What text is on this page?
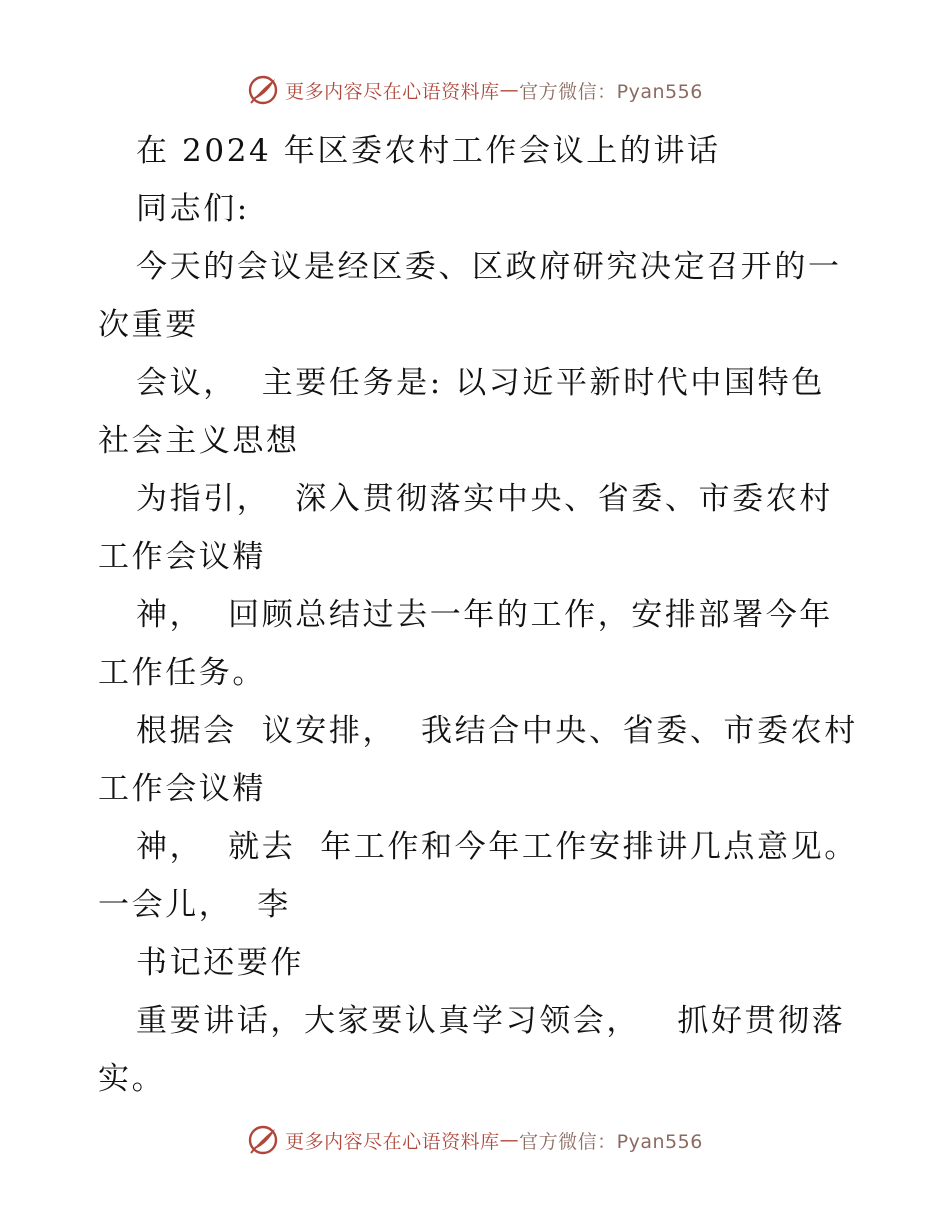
更多内容尽在心语资料库 — 官方微信：Pyan556
在 2024 年区委农村工作会议上的讲话
同志们:
今天的会议是经区委、区政府研究决定召开的一
次重要
会议，  主要任务是: 以习近平新时代中国特色
社会主义思想
为指引，  深入贯彻落实中央、省委、市委农村
工作会议精
神，  回顾总结过去一年的工作，安排部署今年
工作任务。
根据会  议安排，  我结合中央、省委、市委农村
工作会议精
神，  就去  年工作和今年工作安排讲几点意见。
一会儿，  李
书记还要作
重要讲话，大家要认真学习领会，   抓好贯彻落
实。
更多内容尽在心语资料库 — 官方微信：Pyan556
